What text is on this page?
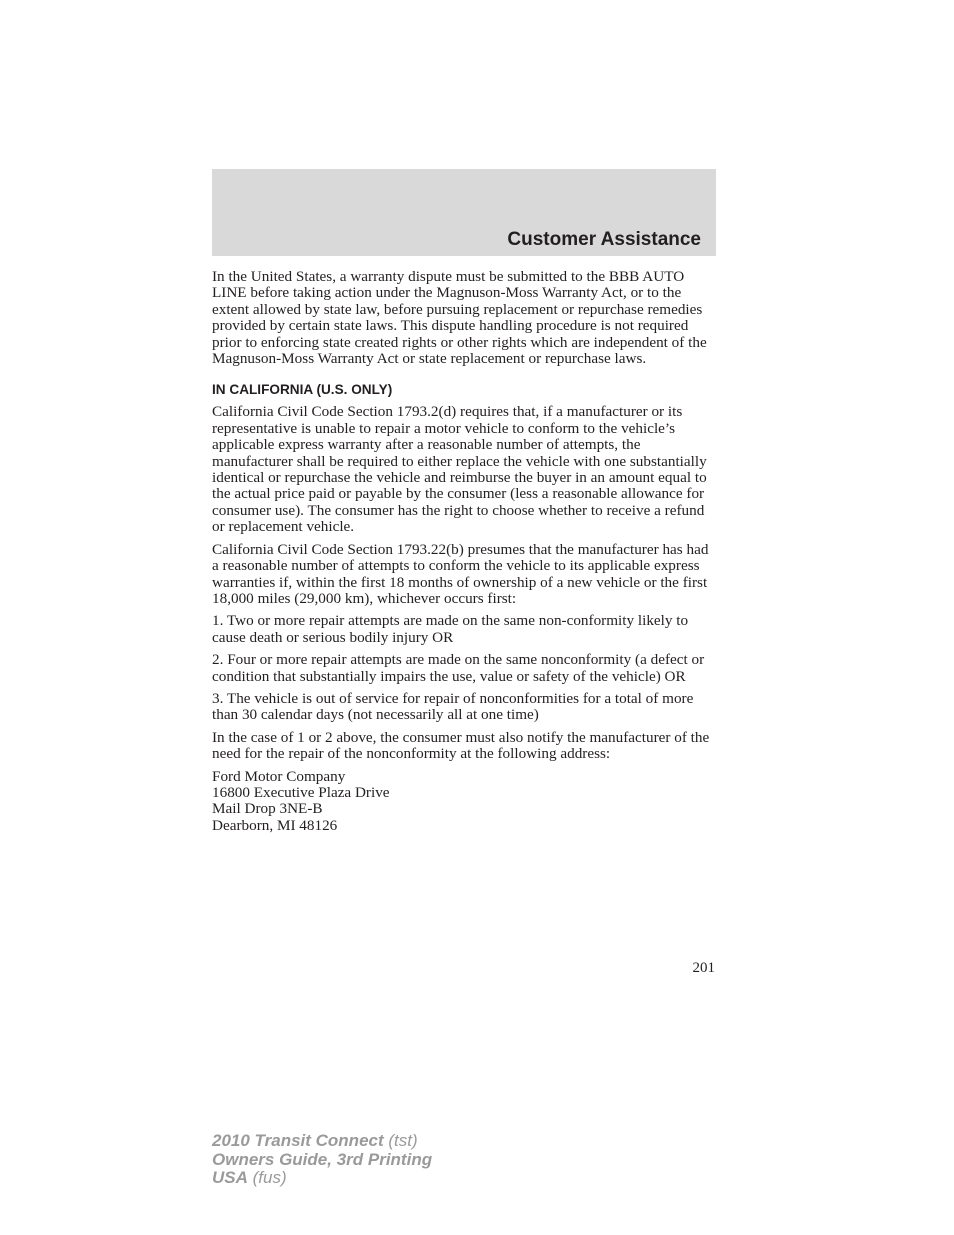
Customer Assistance

In the United States, a warranty dispute must be submitted to the BBB AUTO LINE before taking action under the Magnuson-Moss Warranty Act, or to the extent allowed by state law, before pursuing replacement or repurchase remedies provided by certain state laws. This dispute handling procedure is not required prior to enforcing state created rights or other rights which are independent of the Magnuson-Moss Warranty Act or state replacement or repurchase laws.

IN CALIFORNIA (U.S. ONLY)

California Civil Code Section 1793.2(d) requires that, if a manufacturer or its representative is unable to repair a motor vehicle to conform to the vehicle’s applicable express warranty after a reasonable number of attempts, the manufacturer shall be required to either replace the vehicle with one substantially identical or repurchase the vehicle and reimburse the buyer in an amount equal to the actual price paid or payable by the consumer (less a reasonable allowance for consumer use). The consumer has the right to choose whether to receive a refund or replacement vehicle.

California Civil Code Section 1793.22(b) presumes that the manufacturer has had a reasonable number of attempts to conform the vehicle to its applicable express warranties if, within the first 18 months of ownership of a new vehicle or the first 18,000 miles (29,000 km), whichever occurs first:

1. Two or more repair attempts are made on the same non-conformity likely to cause death or serious bodily injury OR

2. Four or more repair attempts are made on the same nonconformity (a defect or condition that substantially impairs the use, value or safety of the vehicle) OR

3. The vehicle is out of service for repair of nonconformities for a total of more than 30 calendar days (not necessarily all at one time)

In the case of 1 or 2 above, the consumer must also notify the manufacturer of the need for the repair of the nonconformity at the following address:

Ford Motor Company
16800 Executive Plaza Drive
Mail Drop 3NE-B
Dearborn, MI 48126

201
2010 Transit Connect (tst)
Owners Guide, 3rd Printing
USA (fus)
